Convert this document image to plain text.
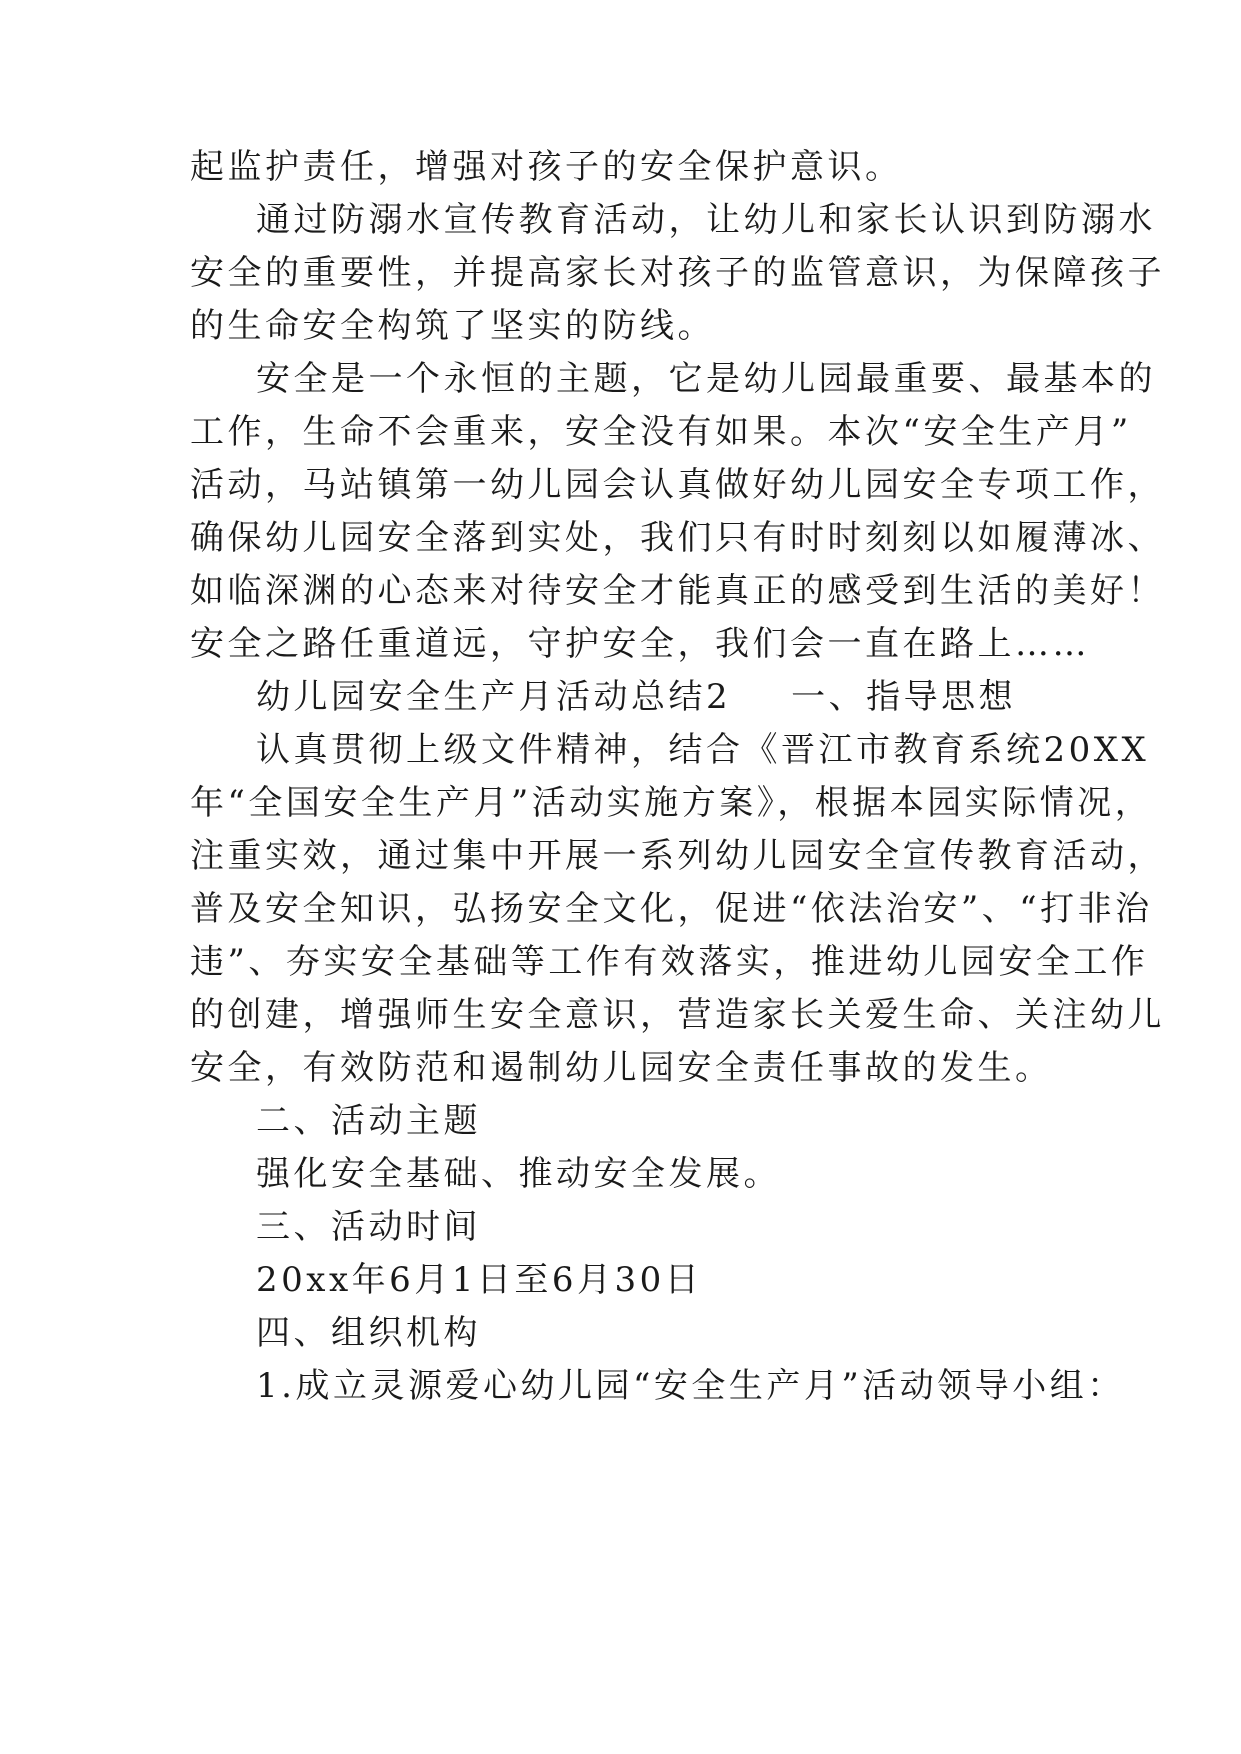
起监护责任，增强对孩子的安全保护意识。
通过防溺水宣传教育活动，让幼儿和家长认识到防溺水
安全的重要性，并提高家长对孩子的监管意识，为保障孩子
的生命安全构筑了坚实的防线。
安全是一个永恒的主题，它是幼儿园最重要、最基本的
工作，生命不会重来，安全没有如果。本次“安全生产月”
活动，马站镇第一幼儿园会认真做好幼儿园安全专项工作，
确保幼儿园安全落到实处，我们只有时时刻刻以如履薄冰、
如临深渊的心态来对待安全才能真正的感受到生活的美好！
安全之路任重道远，守护安全，我们会一直在路上……
幼儿园安全生产月活动总结2 一、指导思想
认真贯彻上级文件精神，结合《晋江市教育系统20XX
年“全国安全生产月”活动实施方案》，根据本园实际情况，
注重实效，通过集中开展一系列幼儿园安全宣传教育活动，
普及安全知识，弘扬安全文化，促进“依法治安”、“打非治
违”、夯实安全基础等工作有效落实，推进幼儿园安全工作
的创建，增强师生安全意识，营造家长关爱生命、关注幼儿
安全，有效防范和遏制幼儿园安全责任事故的发生。
二、活动主题
强化安全基础、推动安全发展。
三、活动时间
20xx年6月1日至6月30日
四、组织机构
1.成立灵源爱心幼儿园“安全生产月”活动领导小组：
